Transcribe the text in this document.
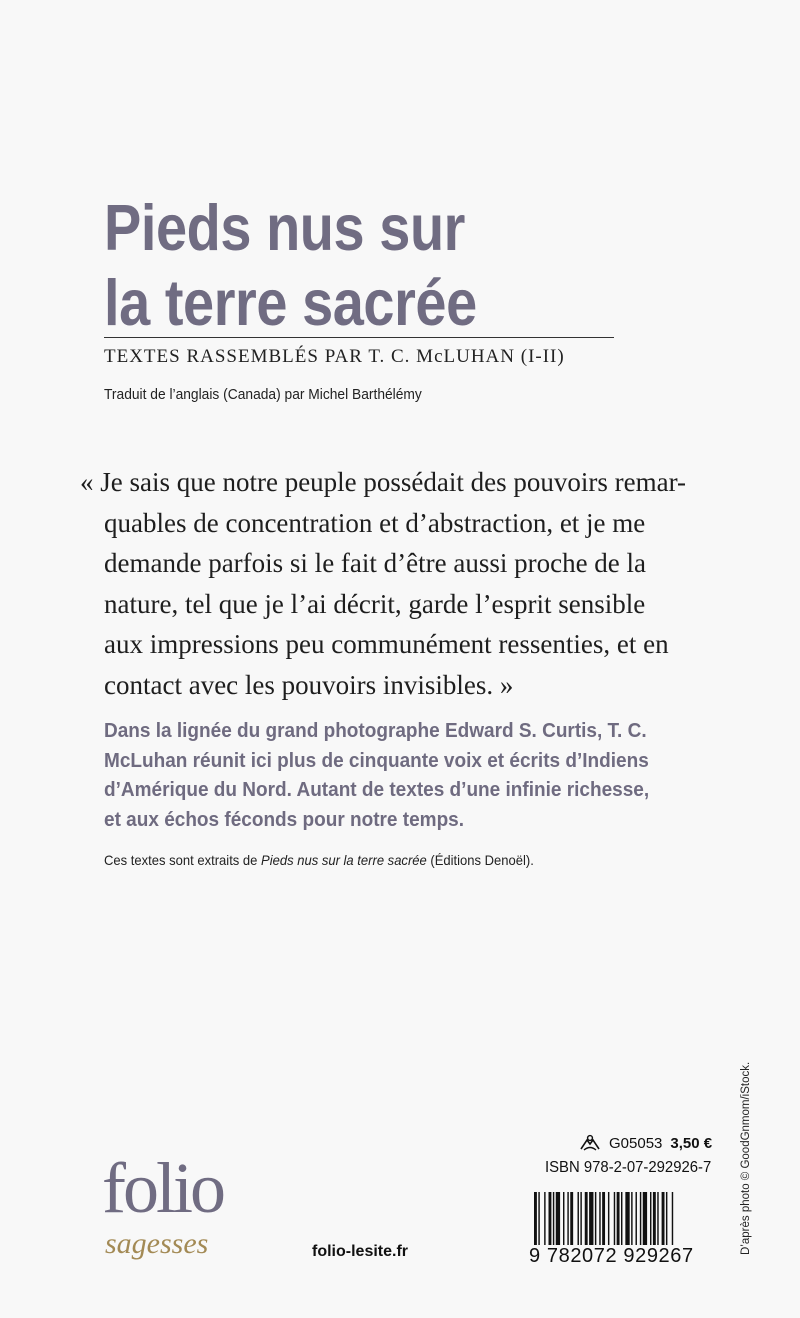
Pieds nus sur
la terre sacrée
TEXTES RASSEMBLÉS PAR T. C. McLUHAN (I-II)
Traduit de l’anglais (Canada) par Michel Barthélémy
« Je sais que notre peuple possédait des pouvoirs remar-
quables de concentration et d’abstraction, et je me
demande parfois si le fait d’être aussi proche de la
nature, tel que je l’ai décrit, garde l’esprit sensible
aux impressions peu communément ressenties, et en
contact avec les pouvoirs invisibles. »
Dans la lignée du grand photographe Edward S. Curtis, T. C.
McLuhan réunit ici plus de cinquante voix et écrits d’Indiens
d’Amérique du Nord. Autant de textes d’une infinie richesse,
et aux échos féconds pour notre temps.
Ces textes sont extraits de Pieds nus sur la terre sacrée (Éditions Denoël).
D’après photo © GoodGnmom/iStock.
folio
sagesses	folio-lesite.fr
G05053 3,50 €
ISBN 978-2-07-292926-7
9 782072 929267
